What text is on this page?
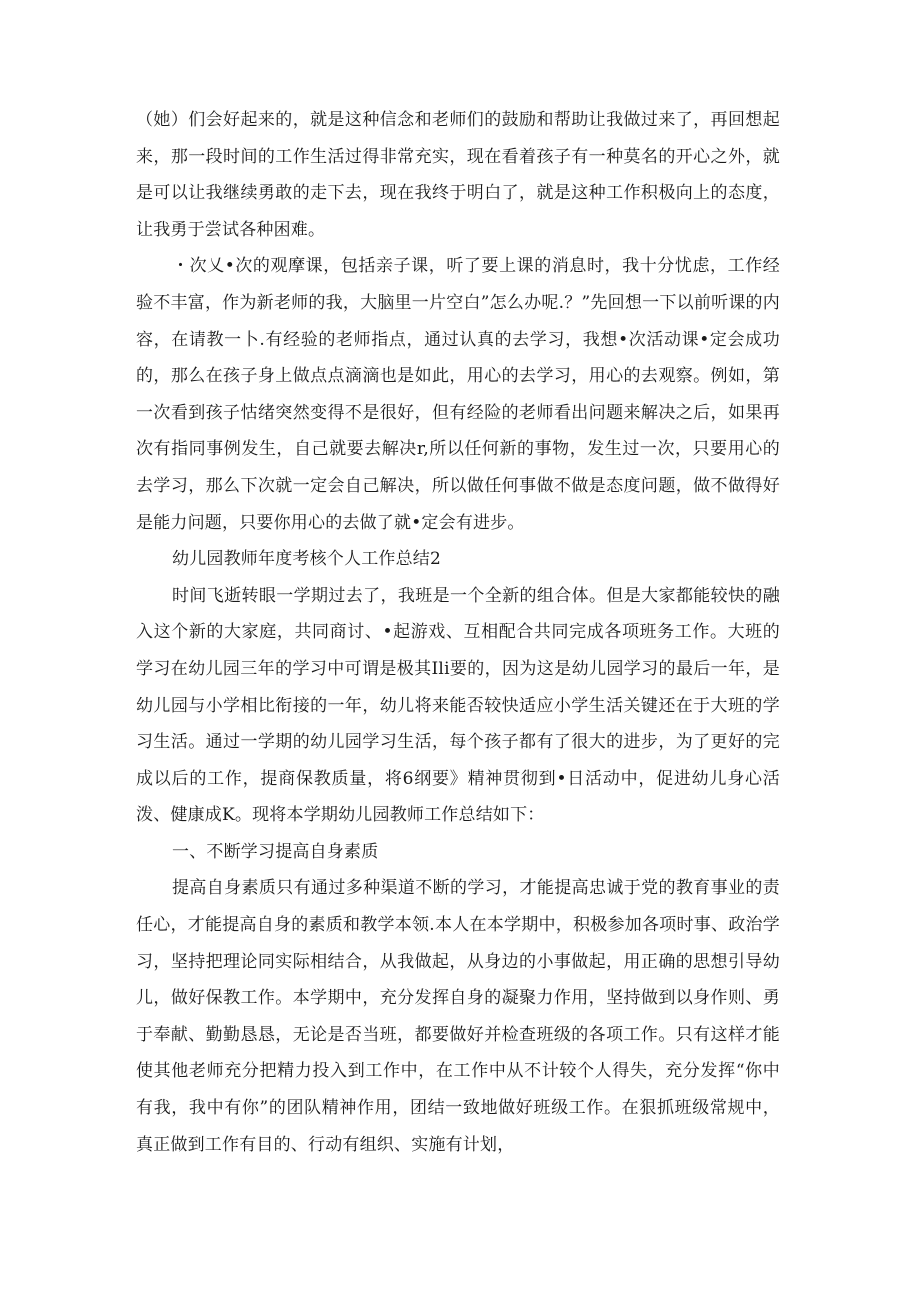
（她）们会好起来的，就是这种信念和老师们的鼓励和帮助让我做过来了，再回想起来，那一段时间的工作生活过得非常充实，现在看着孩子有一种莫名的开心之外，就是可以让我继续勇敢的走下去，现在我终于明白了，就是这种工作积极向上的态度，让我勇于尝试各种困难。

・次乂•次的观摩课，包括亲子课，听了要上课的消息时，我十分忧虑，工作经验不丰富，作为新老师的我，大脑里一片空白”怎么办呢.？”先回想一下以前听课的内容，在请教一卜.有经验的老师指点，通过认真的去学习，我想•次活动课•定会成功的，那么在孩子身上做点点滴滴也是如此，用心的去学习，用心的去观察。例如，第一次看到孩子怙绪突然变得不是很好，但有经险的老师看出问题来解决之后，如果再次有指同事例发生，自己就要去解决r,所以任何新的事物，发生过一次，只要用心的去学习，那么下次就一定会自己解决，所以做任何事做不做是态度问题，做不做得好是能力问题，只要你用心的去做了就•定会有进步。

幼儿园教师年度考核个人工作总结2

时间飞逝转眼一学期过去了，我班是一个全新的组合体。但是大家都能较快的融入这个新的大家庭，共同商讨、•起游戏、互相配合共同完成各项班务工作。大班的学习在幼儿园三年的学习中可谓是极其Ili要的，因为这是幼儿园学习的最后一年，是幼儿园与小学相比衔接的一年，幼儿将来能否较快适应小学生活关键还在于大班的学习生活。通过一学期的幼儿园学习生活，每个孩子都有了很大的进步，为了更好的完成以后的工作，提商保教质量，将6纲要》精神贯彻到•日活动中，促进幼儿身心活泼、健康成K。现将本学期幼儿园教师工作总结如下：

一、不断学习提高自身素质

提高自身素质只有通过多种渠道不断的学习，才能提高忠诚于党的教育事业的责任心，才能提高自身的素质和教学本领.本人在本学期中，积极参加各项时事、政治学习，坚持把理论同实际相结合，从我做起，从身边的小事做起，用正确的思想引导幼儿，做好保教工作。本学期中，充分发挥自身的凝聚力作用，坚持做到以身作则、勇于奉献、勤勤恳恳，无论是否当班，都要做好并检查班级的各项工作。只有这样才能使其他老师充分把精力投入到工作中，在工作中从不计较个人得失，充分发挥“你中有我，我中有你”的团队精神作用，团结一致地做好班级工作。在狠抓班级常规中，真正做到工作有目的、行动有组织、实施有计划，
